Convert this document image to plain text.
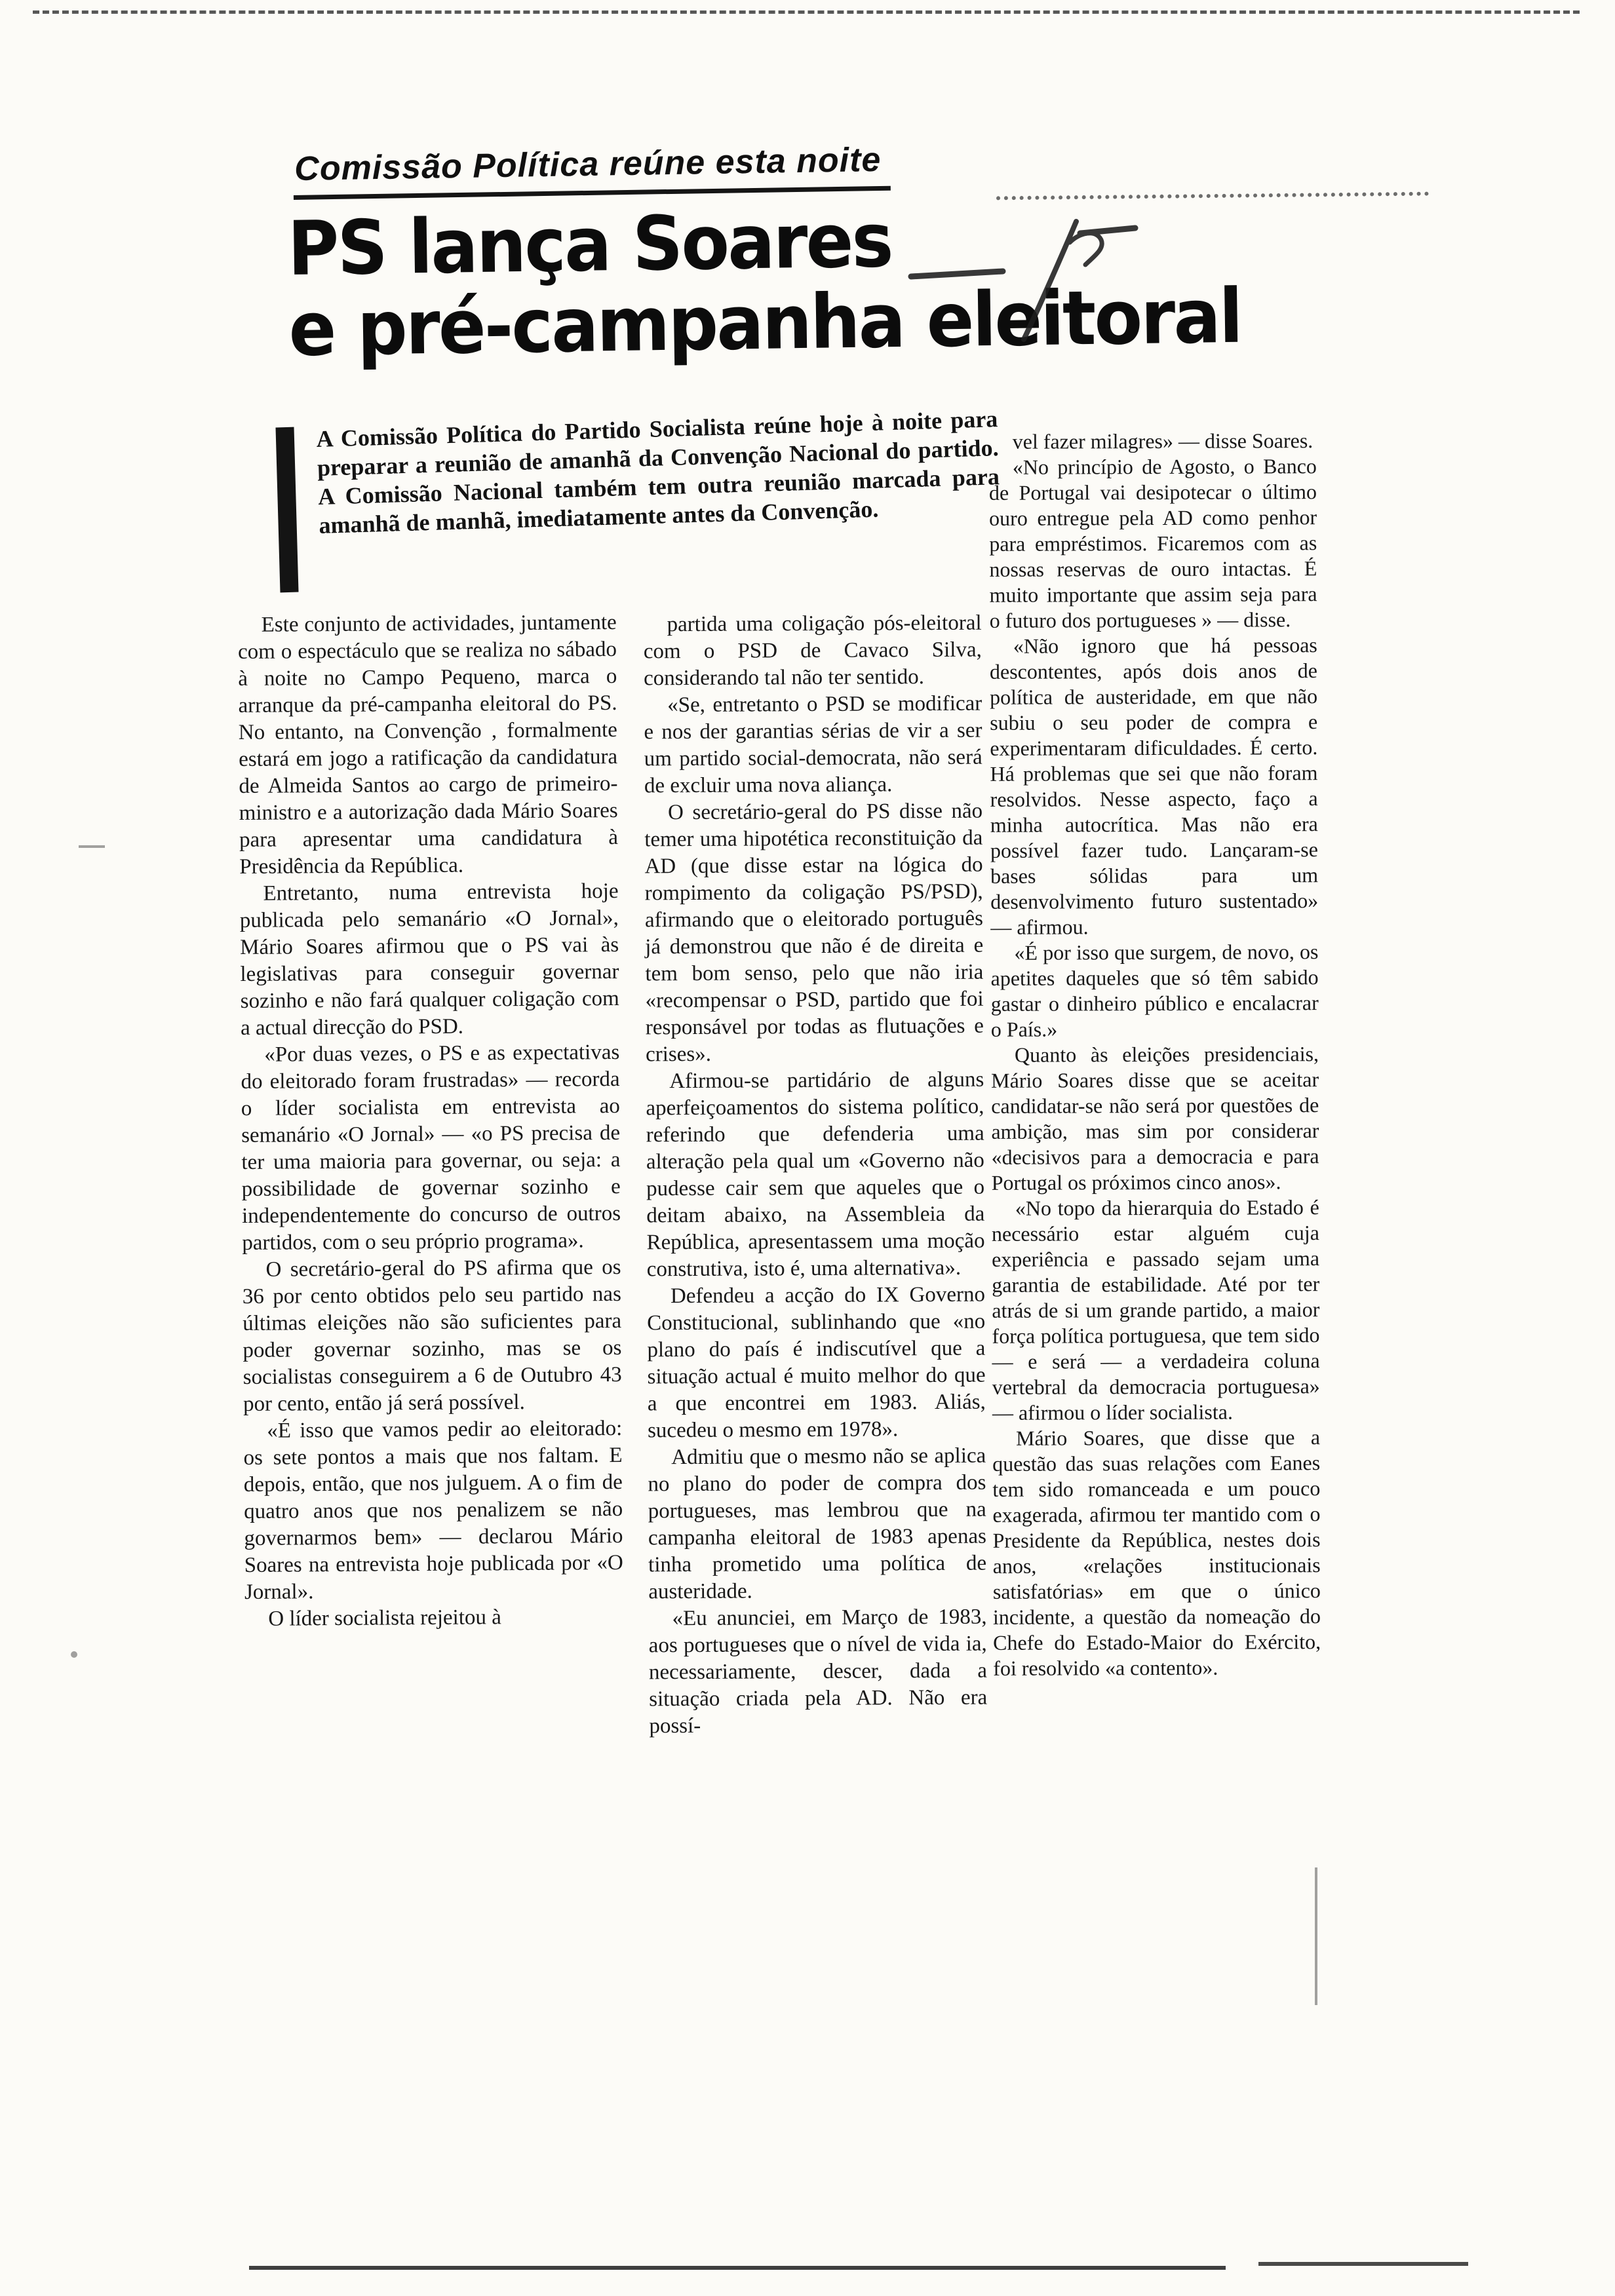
Comissão Política reúne esta noite
PS lança Soares
e pré-campanha eleitoral
A Comissão Política do Partido Socialista reúne hoje à noite para preparar a reunião de amanhã da Convenção Nacional do partido. A Comissão Nacional também tem outra reunião marcada para amanhã de manhã, imediatamente antes da Convenção.

Este conjunto de actividades, juntamente com o espectáculo que se realiza no sábado à noite no Campo Pequeno, marca o arranque da pré-campanha eleitoral do PS. No entanto, na Convenção , formalmente estará em jogo a ratificação da candidatura de Almeida Santos ao cargo de primeiro-ministro e a autorização dada Mário Soares para apresentar uma candidatura à Presidência da República.

Entretanto, numa entrevista hoje publicada pelo semanário «O Jornal», Mário Soares afirmou que o PS vai às legislativas para conseguir governar sozinho e não fará qualquer coligação com a actual direcção do PSD.

«Por duas vezes, o PS e as expectativas do eleitorado foram frustradas» — recorda o líder socialista em entrevista ao semanário «O Jornal» — «o PS precisa de ter uma maioria para governar, ou seja: a possibilidade de governar sozinho e independentemente do concurso de outros partidos, com o seu próprio programa».

O secretário-geral do PS afirma que os 36 por cento obtidos pelo seu partido nas últimas eleições não são suficientes para poder governar sozinho, mas se os socialistas conseguirem a 6 de Outubro 43 por cento, então já será possível.

«É isso que vamos pedir ao eleitorado: os sete pontos a mais que nos faltam. E depois, então, que nos julguem. A o fim de quatro anos que nos penalizem se não governarmos bem» — declarou Mário Soares na entrevista hoje publicada por «O Jornal».

O líder socialista rejeitou à

partida uma coligação pós-eleitoral com o PSD de Cavaco Silva, considerando tal não ter sentido.

«Se, entretanto o PSD se modificar e nos der garantias sérias de vir a ser um partido social-democrata, não será de excluir uma nova aliança.

O secretário-geral do PS disse não temer uma hipotética reconstituição da AD (que disse estar na lógica do rompimento da coligação PS/PSD), afirmando que o eleitorado português já demonstrou que não é de direita e tem bom senso, pelo que não iria «recompensar o PSD, partido que foi responsável por todas as flutuações e crises».

Afirmou-se partidário de alguns aperfeiçoamentos do sistema político, referindo que defenderia uma alteração pela qual um «Governo não pudesse cair sem que aqueles que o deitam abaixo, na Assembleia da República, apresentassem uma moção construtiva, isto é, uma alternativa».

Defendeu a acção do IX Governo Constitucional, sublinhando que «no plano do país é indiscutível que a situação actual é muito melhor do que a que encontrei em 1983. Aliás, sucedeu o mesmo em 1978».

Admitiu que o mesmo não se aplica no plano do poder de compra dos portugueses, mas lembrou que na campanha eleitoral de 1983 apenas tinha prometido uma política de austeridade.

«Eu anunciei, em Março de 1983, aos portugueses que o nível de vida ia, necessariamente, descer, dada a situação criada pela AD. Não era possí-

vel fazer milagres» — disse Soares.

«No princípio de Agosto, o Banco de Portugal vai desipotecar o último ouro entregue pela AD como penhor para empréstimos. Ficaremos com as nossas reservas de ouro intactas. É muito importante que assim seja para o futuro dos portugueses » — disse.

«Não ignoro que há pessoas descontentes, após dois anos de política de austeridade, em que não subiu o seu poder de compra e experimentaram dificuldades. É certo. Há problemas que sei que não foram resolvidos. Nesse aspecto, faço a minha autocrítica. Mas não era possível fazer tudo. Lançaram-se bases sólidas para um desenvolvimento futuro sustentado» — afirmou.

«É por isso que surgem, de novo, os apetites daqueles que só têm sabido gastar o dinheiro público e encalacrar o País.»

Quanto às eleições presidenciais, Mário Soares disse que se aceitar candidatar-se não será por questões de ambição, mas sim por considerar «decisivos para a democracia e para Portugal os próximos cinco anos».

«No topo da hierarquia do Estado é necessário estar alguém cuja experiência e passado sejam uma garantia de estabilidade. Até por ter atrás de si um grande partido, a maior força política portuguesa, que tem sido — e será — a verdadeira coluna vertebral da democracia portuguesa» — afirmou o líder socialista.

Mário Soares, que disse que a questão das suas relações com Eanes tem sido romanceada e um pouco exagerada, afirmou ter mantido com o Presidente da República, nestes dois anos, «relações institucionais satisfatórias» em que o único incidente, a questão da nomeação do Chefe do Estado-Maior do Exército, foi resolvido «a contento».
